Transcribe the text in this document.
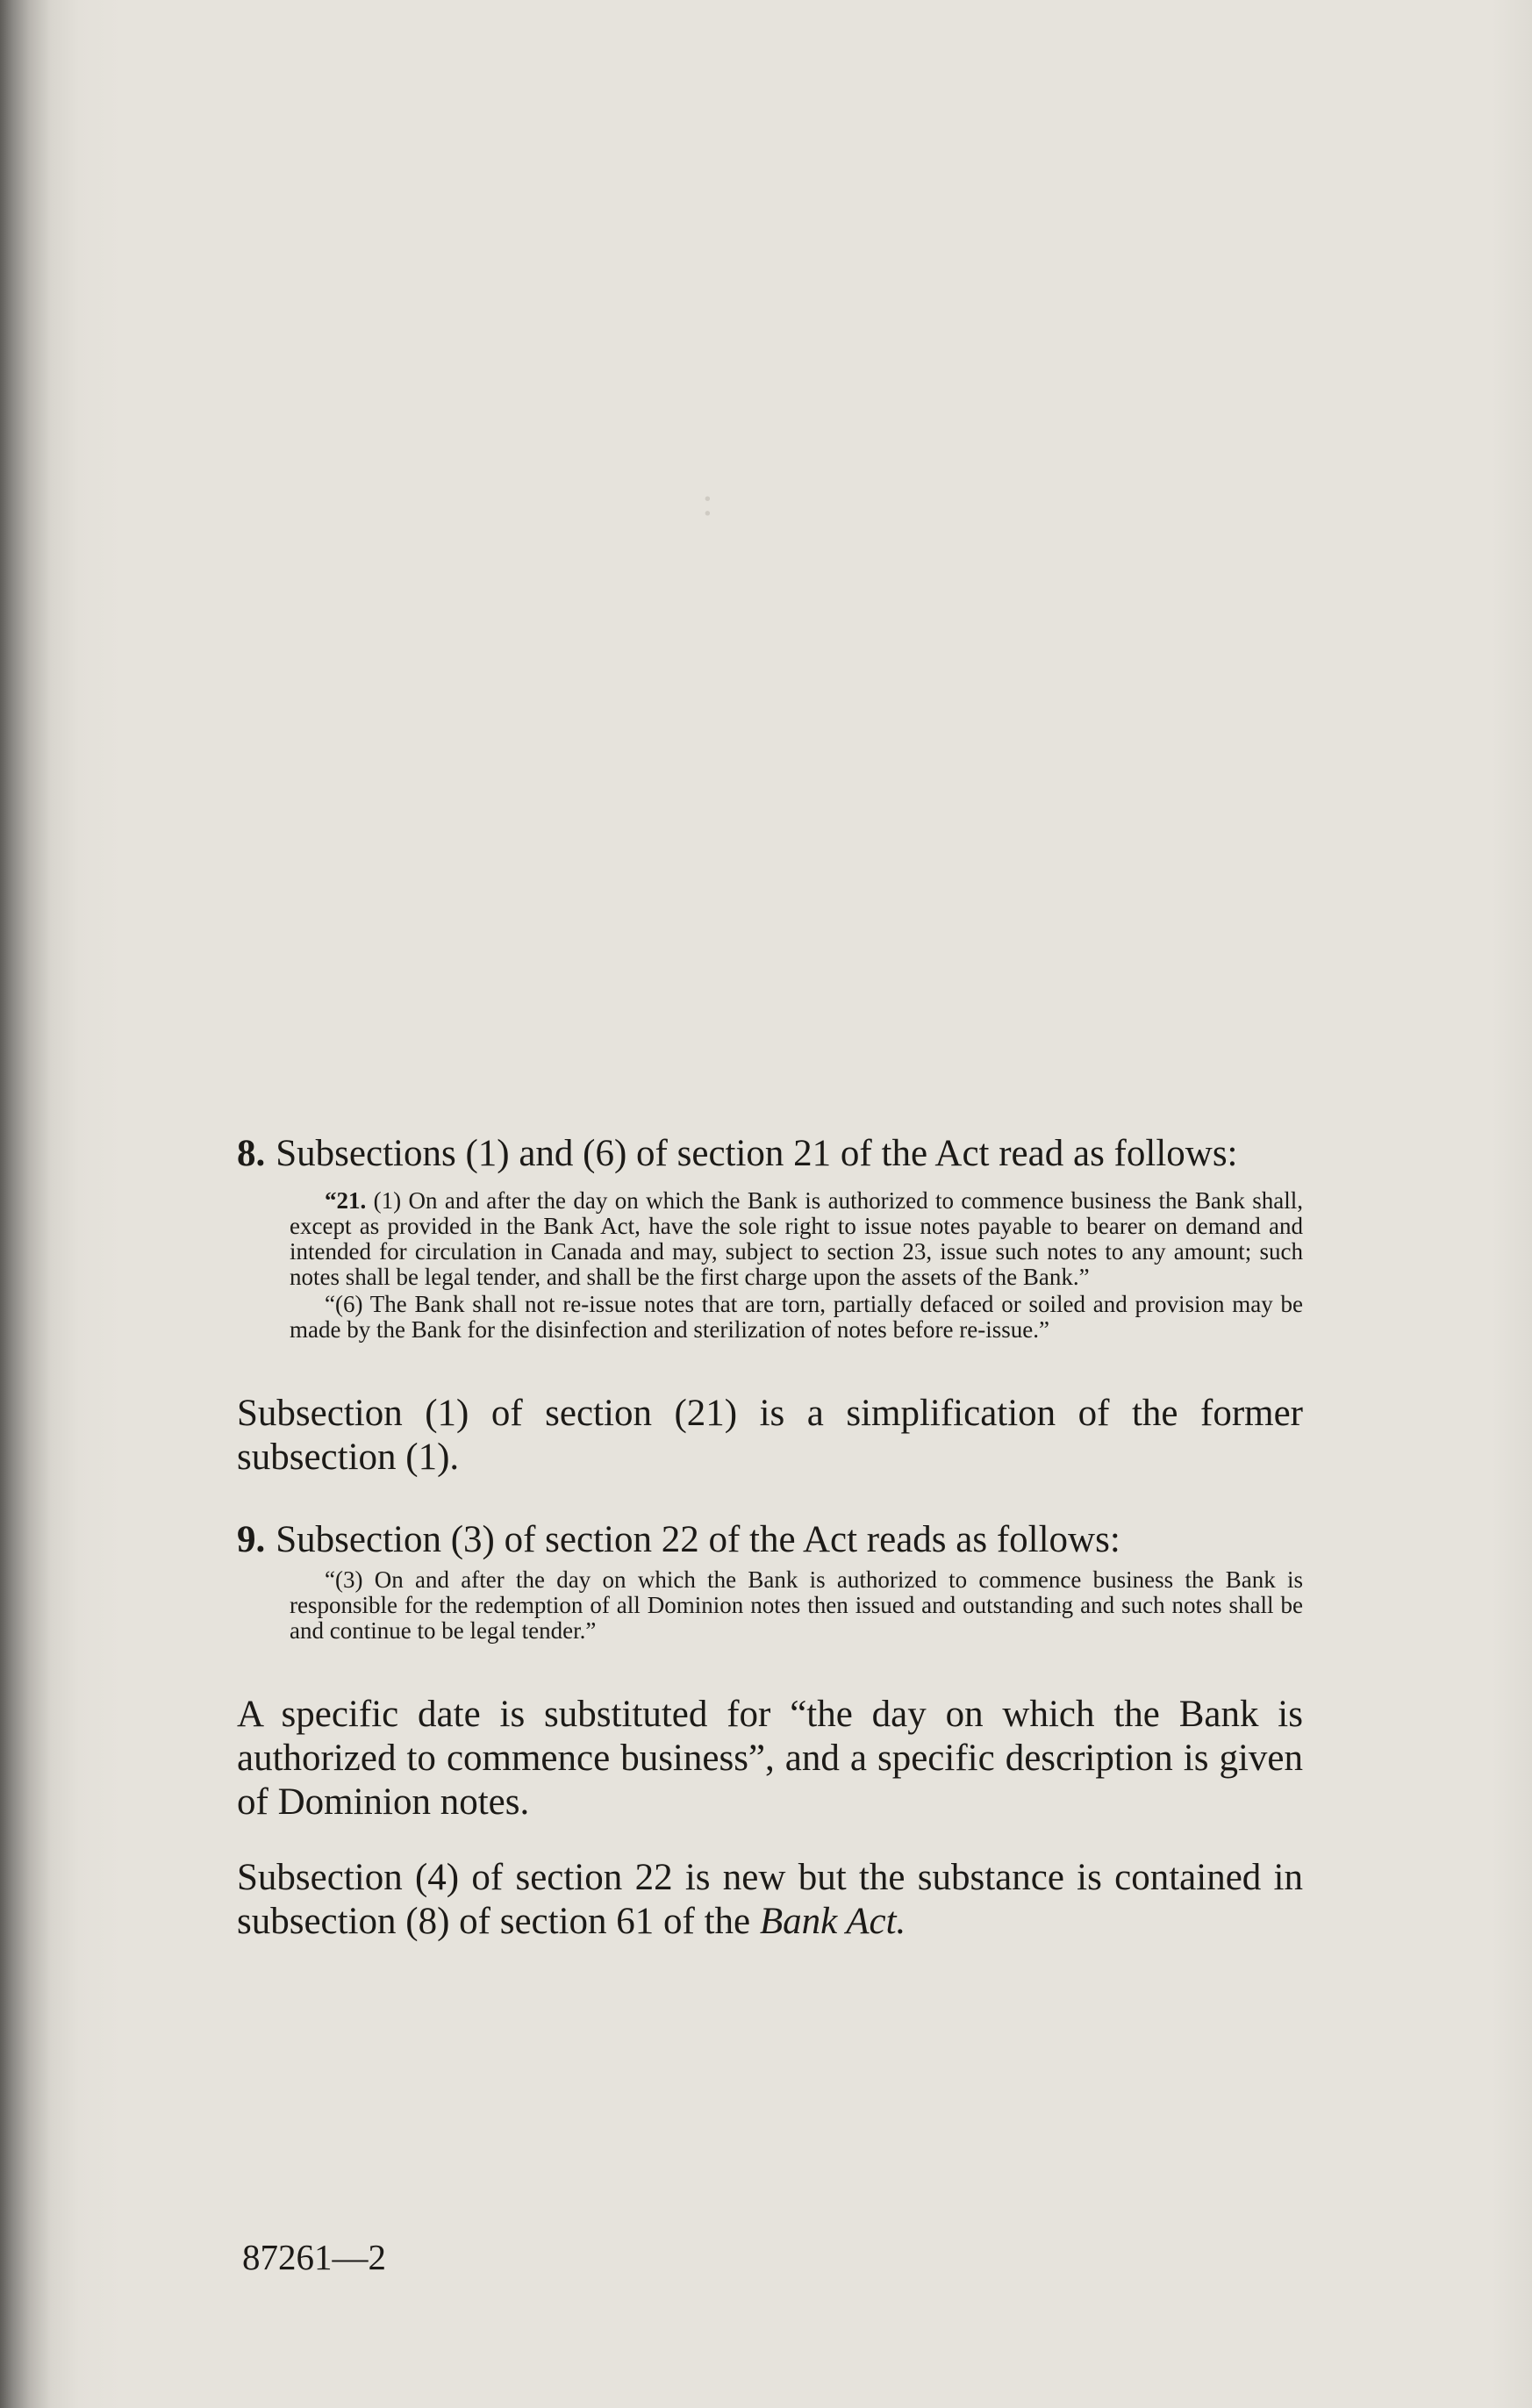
:

8. Subsections (1) and (6) of section 21 of the Act read as follows:

“21. (1) On and after the day on which the Bank is authorized to commence business the Bank shall, except as provided in the Bank Act, have the sole right to issue notes payable to bearer on demand and intended for circulation in Canada and may, subject to section 23, issue such notes to any amount; such notes shall be legal tender, and shall be the first charge upon the assets of the Bank.”

“(6) The Bank shall not re-issue notes that are torn, partially defaced or soiled and provision may be made by the Bank for the disinfection and sterilization of notes before re-issue.”

Subsection (1) of section (21) is a simplification of the former subsection (1).

9. Subsection (3) of section 22 of the Act reads as follows:

“(3) On and after the day on which the Bank is authorized to commence business the Bank is responsible for the redemption of all Dominion notes then issued and outstanding and such notes shall be and continue to be legal tender.”

A specific date is substituted for “the day on which the Bank is authorized to commence business”, and a specific description is given of Dominion notes.

Subsection (4) of section 22 is new but the substance is contained in subsection (8) of section 61 of the Bank Act.

87261—2
